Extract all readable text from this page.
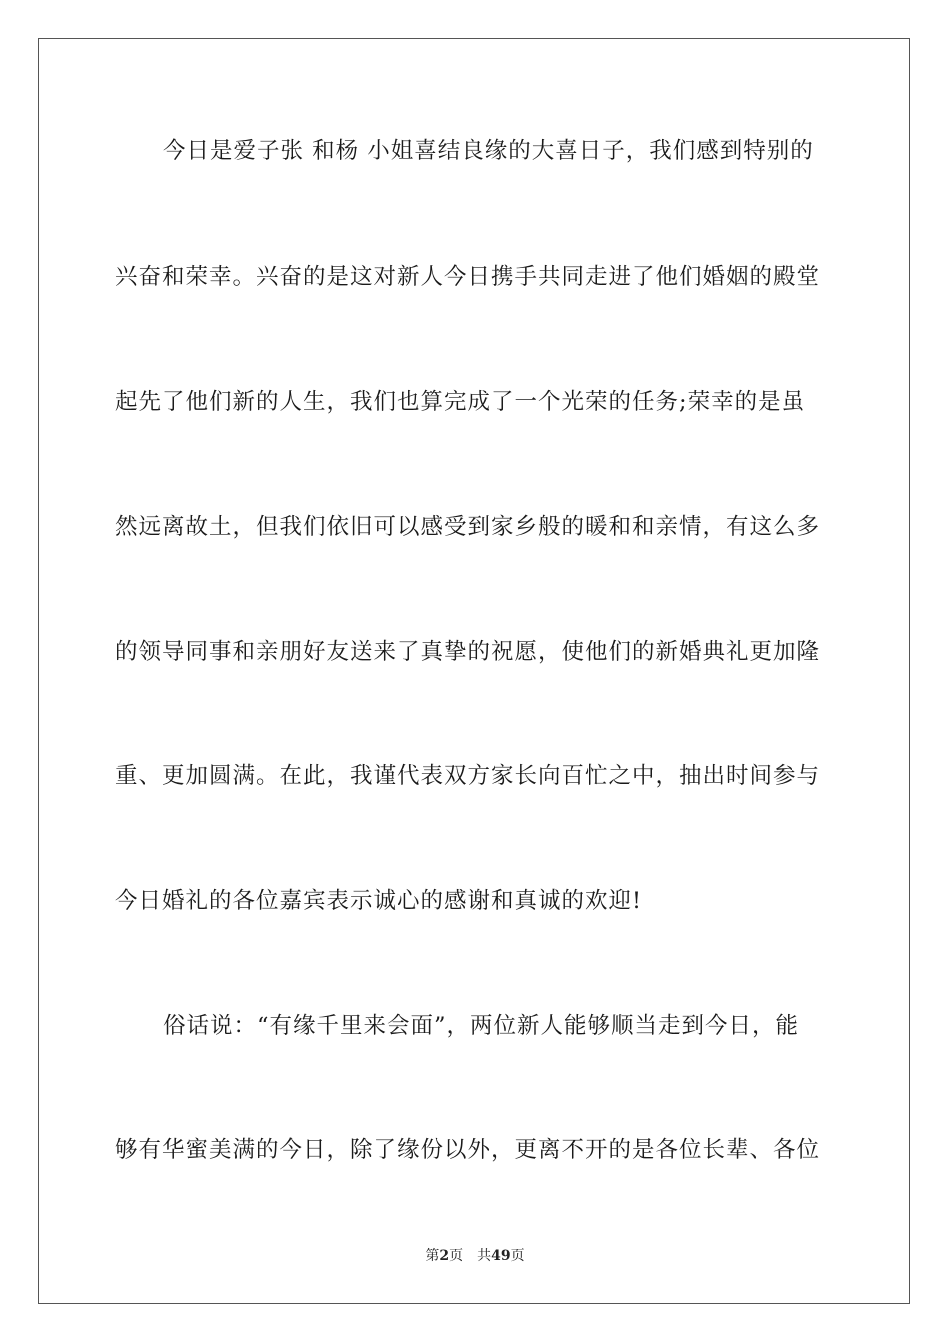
今日是爱子张 和杨 小姐喜结良缘的大喜日子，我们感到特别的
兴奋和荣幸。兴奋的是这对新人今日携手共同走进了他们婚姻的殿堂
起先了他们新的人生，我们也算完成了一个光荣的任务;荣幸的是虽
然远离故土，但我们依旧可以感受到家乡般的暖和和亲情，有这么多
的领导同事和亲朋好友送来了真挚的祝愿，使他们的新婚典礼更加隆
重、更加圆满。在此，我谨代表双方家长向百忙之中，抽出时间参与
今日婚礼的各位嘉宾表示诚心的感谢和真诚的欢迎!
俗话说：“有缘千里来会面”，两位新人能够顺当走到今日，能
够有华蜜美满的今日，除了缘份以外，更离不开的是各位长辈、各位
第2页 共49页
